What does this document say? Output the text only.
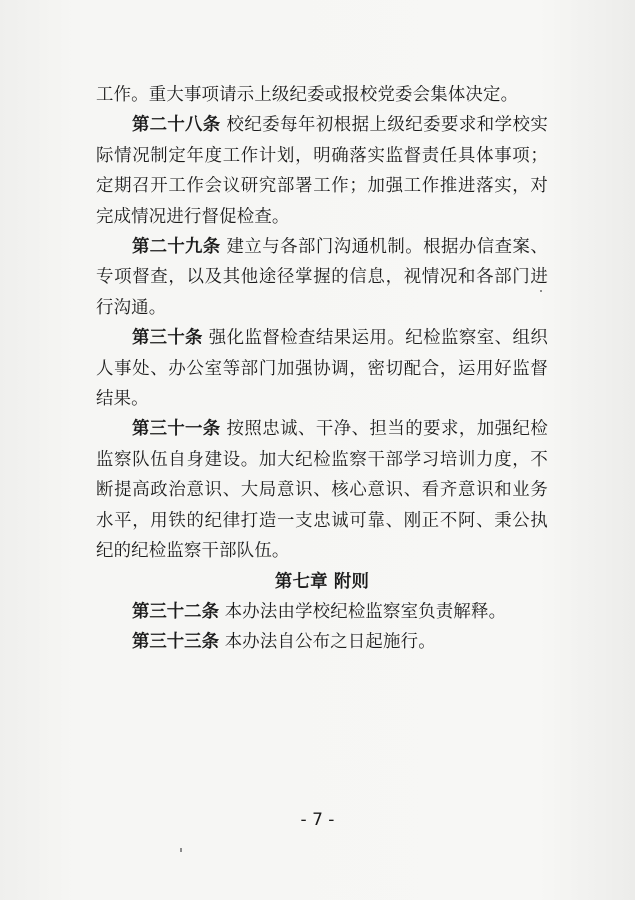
工作。重大事项请示上级纪委或报校党委会集体决定。

第二十八条 校纪委每年初根据上级纪委要求和学校实际情况制定年度工作计划，明确落实监督责任具体事项；定期召开工作会议研究部署工作；加强工作推进落实，对完成情况进行督促检查。

第二十九条 建立与各部门沟通机制。根据办信查案、专项督查，以及其他途径掌握的信息，视情况和各部门进行沟通。

第三十条 强化监督检查结果运用。纪检监察室、组织人事处、办公室等部门加强协调，密切配合，运用好监督结果。

第三十一条 按照忠诚、干净、担当的要求，加强纪检监察队伍自身建设。加大纪检监察干部学习培训力度，不断提高政治意识、大局意识、核心意识、看齐意识和业务水平，用铁的纪律打造一支忠诚可靠、刚正不阿、秉公执纪的纪检监察干部队伍。

第七章 附则

第三十二条 本办法由学校纪检监察室负责解释。

第三十三条 本办法自公布之日起施行。

- 7 -
